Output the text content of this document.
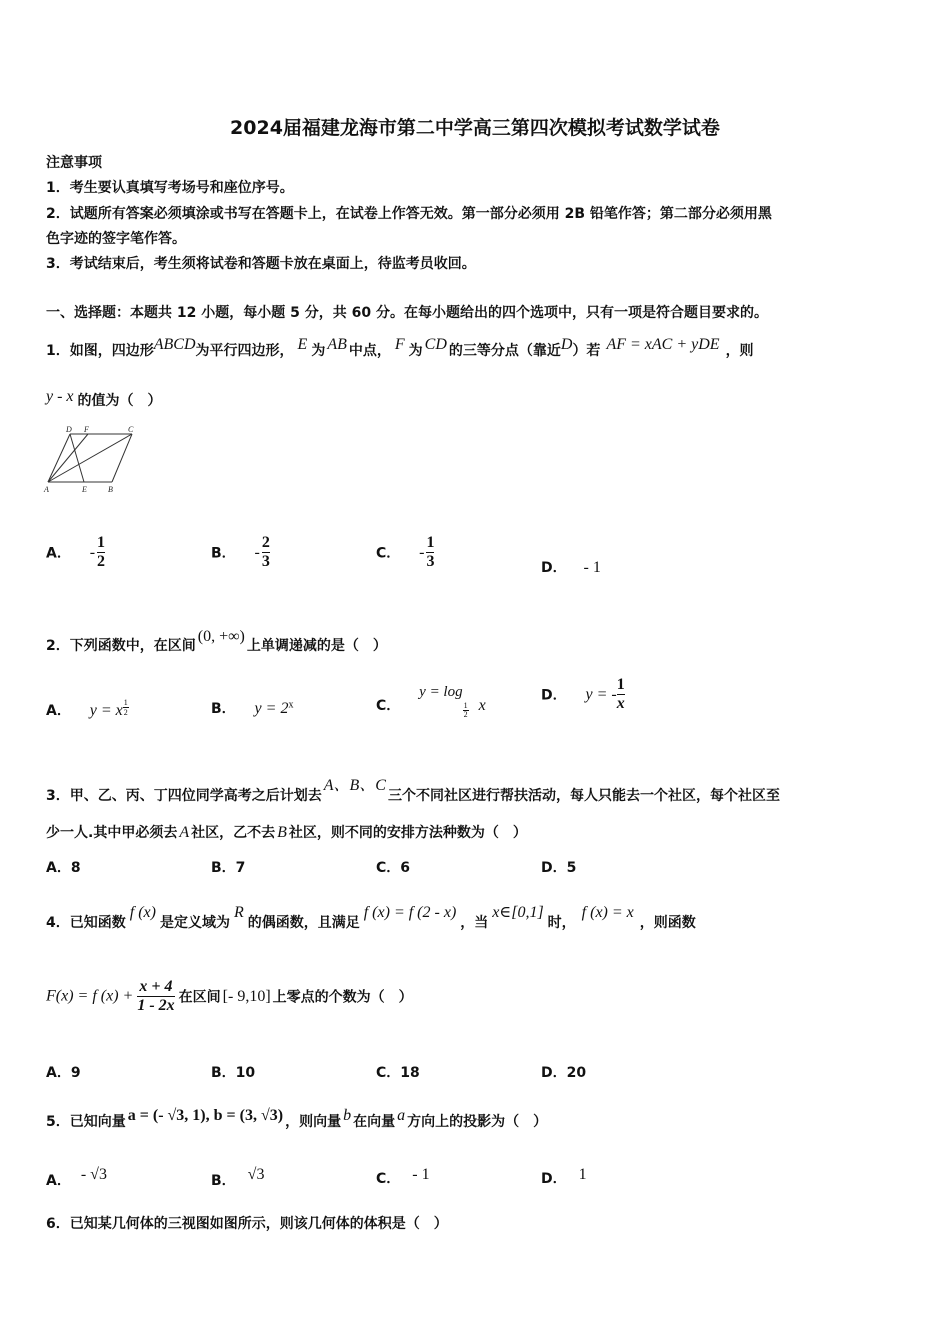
2024届福建龙海市第二中学高三第四次模拟考试数学试卷
注意事项
1．考生要认真填写考场号和座位序号。
2．试题所有答案必须填涂或书写在答题卡上，在试卷上作答无效。第一部分必须用 2B 铅笔作答；第二部分必须用黑
色字迹的签字笔作答。
3．考试结束后，考生须将试卷和答题卡放在桌面上，待监考员收回。
一、选择题：本题共 12 小题，每小题 5 分，共 60 分。在每小题给出的四个选项中，只有一项是符合题目要求的。
1．如图，四边形ABCD为平行四边形， E 为 AB 中点， F 为 CD 的三等分点（靠近D）若 AF = xAC + yDE ，则
y - x 的值为（　）
D F	C
A	E	B
A． - $\frac{1}{2}$	B． - $\frac{2}{3}$	C． - $\frac{1}{3}$	D． - 1
2．下列函数中，在区间(0, +∞)上单调递减的是（　）
A． y = x $\frac{1}{2}$	B． $y = 2^x$	C． y = log
$\frac{1}{2}$ x
D． y = - $\frac{1}{x}$
3．甲、乙、丙、丁四位同学高考之后计划去A、B、C三个不同社区进行帮扶活动，每人只能去一个社区，每个社区至
少一人.其中甲必须去 A 社区，乙不去 B 社区，则不同的安排方法种数为（　）
A．8	B．7	C．6	D．5
4．已知函数f (x)是定义域为R的偶函数，且满足f (x) = f (2 - x)，当x∈[0,1]时，f (x) = x，则函数
F(x) = f $(x) + \frac{x + 4}{1 - 2x}$ 在区间 [- 9,10] 上零点的个数为（　）
A．9	B．10	C．18	D．20
5．已知向量 a = (- √3, 1), b = (3, √3) ，则向量 b 在向量 a 方向上的投影为（　）
A． - √3	B． √3	C． - 1	D． 1
6．已知某几何体的三视图如图所示，则该几何体的体积是（　）
